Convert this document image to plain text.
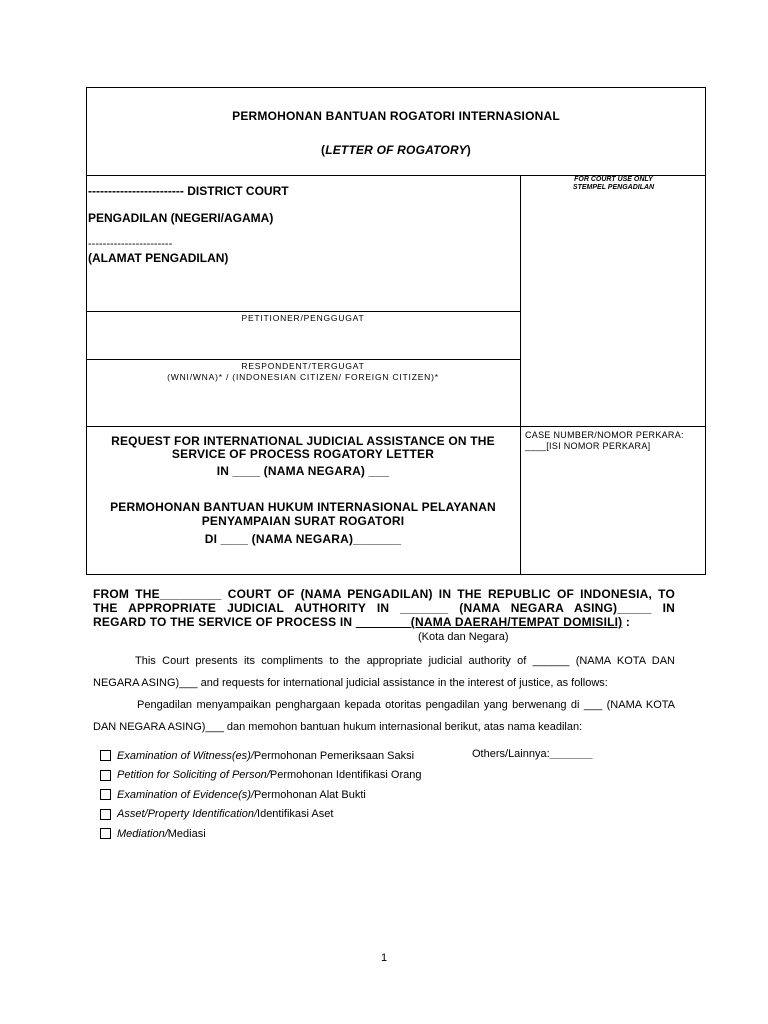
PERMOHONAN BANTUAN ROGATORI INTERNASIONAL
(LETTER OF ROGATORY)
------------------------ DISTRICT COURT
PENGADILAN (NEGERI/AGAMA)
-----------------------
(ALAMAT PENGADILAN)
FOR COURT USE ONLY
STEMPEL PENGADILAN
PETITIONER/PENGGUGAT
RESPONDENT/TERGUGAT
(WNI/WNA)* / (INDONESIAN CITIZEN/ FOREIGN CITIZEN)*
CASE NUMBER/NOMOR PERKARA:
____[ISI NOMOR PERKARA]
REQUEST FOR INTERNATIONAL JUDICIAL ASSISTANCE ON THE
SERVICE OF PROCESS ROGATORY LETTER
IN ____ (NAMA NEGARA) ___
PERMOHONAN BANTUAN HUKUM INTERNASIONAL PELAYANAN
PENYAMPAIAN SURAT ROGATORI
DI ____ (NAMA NEGARA)_______
FROM THE_________ COURT OF (NAMA PENGADILAN) IN THE REPUBLIC OF INDONESIA, TO
THE APPROPRIATE JUDICIAL AUTHORITY IN _______ (NAMA NEGARA ASING)_____ IN
REGARD TO THE SERVICE OF PROCESS IN ________(NAMA DAERAH/TEMPAT DOMISILI) :
(Kota dan Negara)
This Court presents its compliments to the appropriate judicial authority of ______ (NAMA KOTA DAN NEGARA ASING)___ and requests for international judicial assistance in the interest of justice, as follows:
Pengadilan menyampaikan penghargaan kepada otoritas pengadilan yang berwenang di ___ (NAMA KOTA DAN NEGARA ASING)___ dan memohon bantuan hukum internasional berikut, atas nama keadilan:
Examination of Witness(es)/ Permohonan Pemeriksaan Saksi
Petition for Soliciting of Person/ Permohonan Identifikasi Orang
Examination of Evidence(s)/ Permohonan Alat Bukti
Asset/Property Identification/ Identifikasi Aset
Mediation/ Mediasi
Others/Lainnya:_______
1
